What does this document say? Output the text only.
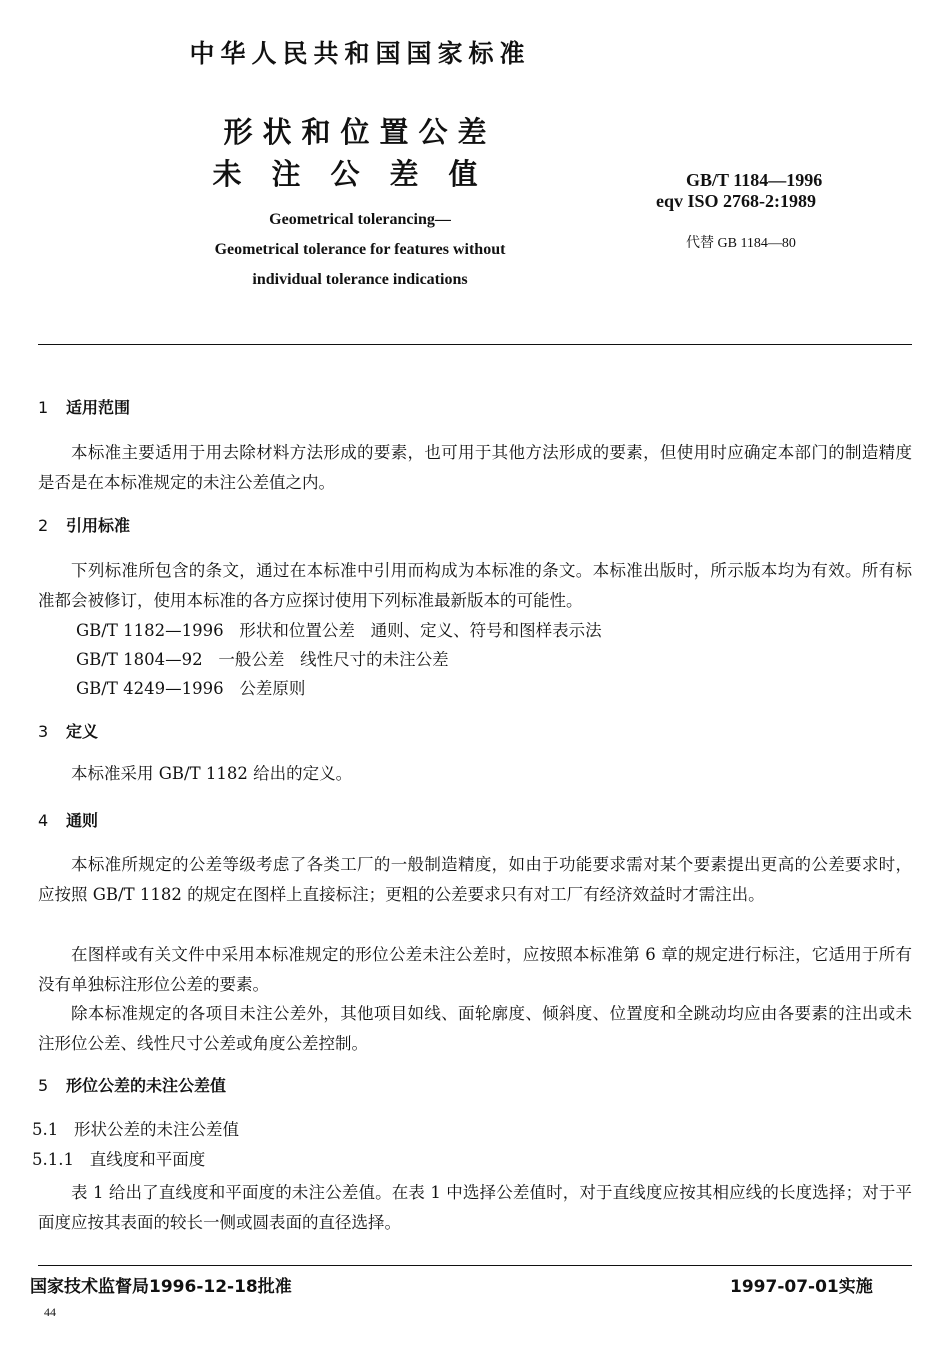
中华人民共和国国家标准
形状和位置公差
未注公差值
Geometrical tolerancing—
Geometrical tolerance for features without
individual tolerance indications
GB/T 1184—1996
eqv ISO 2768-2:1989
代替 GB 1184—80
1 适用范围
本标准主要适用于用去除材料方法形成的要素，也可用于其他方法形成的要素，但使用时应确定本部门的制造精度是否是在本标准规定的未注公差值之内。
2 引用标准
下列标准所包含的条文，通过在本标准中引用而构成为本标准的条文。本标准出版时，所示版本均为有效。所有标准都会被修订，使用本标准的各方应探讨使用下列标准最新版本的可能性。
GB/T 1182—1996   形状和位置公差   通则、定义、符号和图样表示法
GB/T 1804—92   一般公差   线性尺寸的未注公差
GB/T 4249—1996   公差原则
3 定义
本标准采用 GB/T 1182 给出的定义。
4 通则
本标准所规定的公差等级考虑了各类工厂的一般制造精度，如由于功能要求需对某个要素提出更高的公差要求时，应按照 GB/T 1182 的规定在图样上直接标注；更粗的公差要求只有对工厂有经济效益时才需注出。
在图样或有关文件中采用本标准规定的形位公差未注公差时，应按照本标准第 6 章的规定进行标注，它适用于所有没有单独标注形位公差的要素。
除本标准规定的各项目未注公差外，其他项目如线、面轮廓度、倾斜度、位置度和全跳动均应由各要素的注出或未注形位公差、线性尺寸公差或角度公差控制。
5 形位公差的未注公差值
5.1   形状公差的未注公差值
5.1.1   直线度和平面度
表 1 给出了直线度和平面度的未注公差值。在表 1 中选择公差值时，对于直线度应按其相应线的长度选择；对于平面度应按其表面的较长一侧或圆表面的直径选择。
国家技术监督局1996-12-18批准	1997-07-01实施
44
